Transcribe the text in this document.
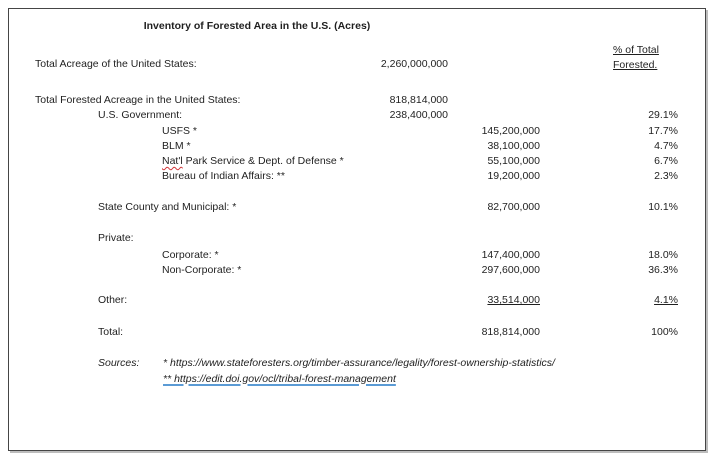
Inventory of Forested Area in the U.S. (Acres)
% of Total
Forested.
Total Acreage of the United States:	2,260,000,000
Total Forested Acreage in the United States:	818,814,000
U.S. Government:	238,400,000	29.1%
USFS *	145,200,000	17.7%
BLM *	38,100,000	4.7%
Nat'l Park Service & Dept. of Defense *	55,100,000	6.7%
Bureau of Indian Affairs: **	19,200,000	2.3%
State County and Municipal: *	82,700,000	10.1%
Private:
Corporate: *	147,400,000	18.0%
Non-Corporate: *	297,600,000	36.3%
Other:	33,514,000	4.1%
Total:	818,814,000	100%
Sources: * https://www.stateforesters.org/timber-assurance/legality/forest-ownership-statistics/
** https://edit.doi.gov/ocl/tribal-forest-management
